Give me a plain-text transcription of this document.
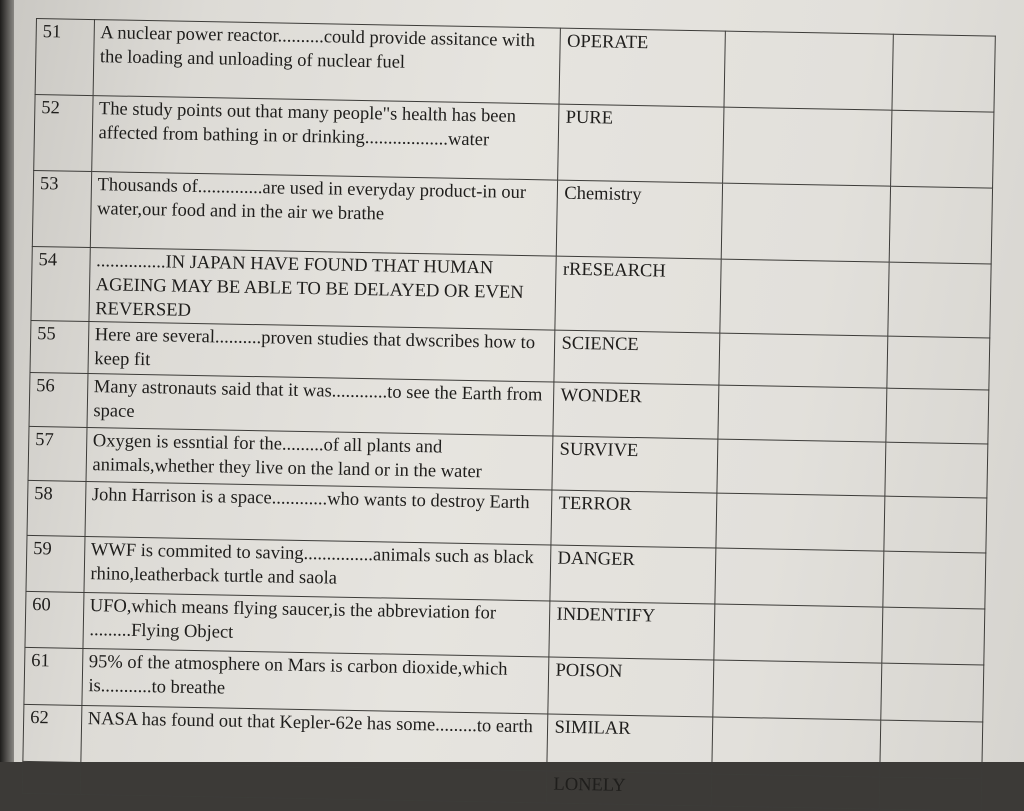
51	A nuclear power reactor..........could provide assitance with the loading and unloading of nuclear fuel	OPERATE		
52	The study points out that many people"s health has been affected from bathing in or drinking..................water	PURE		
53	Thousands of..............are used in everyday product-in our water,our food and in the air we brathe	Chemistry		
54	...............IN JAPAN HAVE FOUND THAT HUMAN AGEING MAY BE ABLE TO BE DELAYED OR EVEN REVERSED	rRESEARCH		
55	Here are several..........proven studies that dwscribes how to keep fit	SCIENCE		
56	Many astronauts said that it was............to see the Earth from space	WONDER		
57	Oxygen is essntial for the.........of all plants and animals,whether they live on the land or in the water	SURVIVE		
58	John Harrison is a space............who wants to destroy Earth	TERROR		
59	WWF is commited to saving...............animals such as black rhino,leatherback turtle and saola	DANGER		
60	UFO,which means flying saucer,is the abbreviation for .........Flying Object	INDENTIFY		
61	95% of the atmosphere on Mars is carbon dioxide,which is...........to breathe	POISON		
62	NASA has found out that Kepler-62e has some.........to earth	SIMILAR		
		LONELY		
